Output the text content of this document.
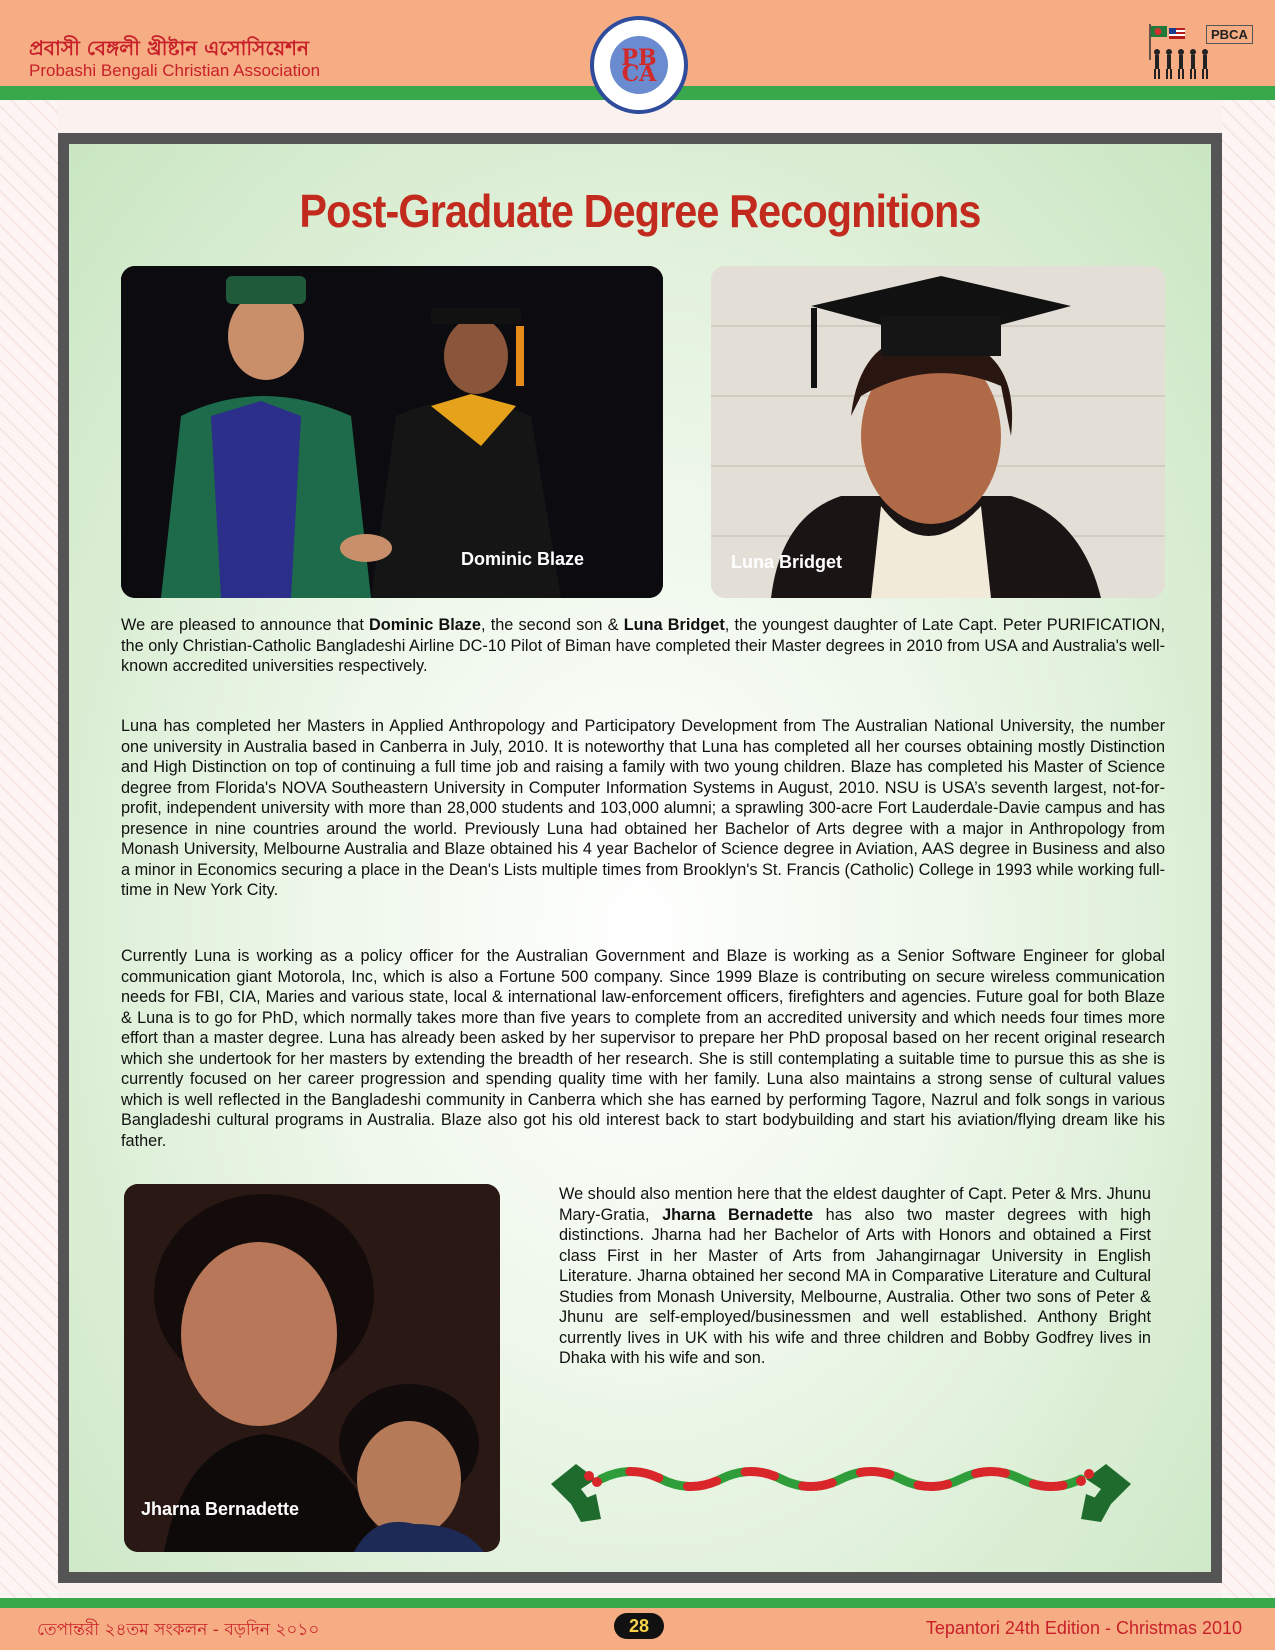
প্রবাসী বেঙ্গলী খ্রীষ্টান এসোসিয়েশন
Probashi Bengali Christian Association
PBCA
PB CA
Post-Graduate Degree Recognitions
Dominic Blaze	Luna Bridget

We are pleased to announce that Dominic Blaze, the second son & Luna Bridget, the youngest daughter of Late Capt. Peter PURIFICATION, the only Christian-Catholic Bangladeshi Airline DC-10 Pilot of Biman have completed their Master degrees in 2010 from USA and Australia's well-known accredited universities respectively.

Luna has completed her Masters in Applied Anthropology and Participatory Development from The Australian National University, the number one university in Australia based in Canberra in July, 2010. It is noteworthy that Luna has completed all her courses obtaining mostly Distinction and High Distinction on top of continuing a full time job and raising a family with two young children. Blaze has completed his Master of Science degree from Florida's NOVA Southeastern University in Computer Information Systems in August, 2010. NSU is USA’s seventh largest, not-for-profit, independent university with more than 28,000 students and 103,000 alumni; a sprawling 300-acre Fort Lauderdale-Davie campus and has presence in nine countries around the world. Previously Luna had obtained her Bachelor of Arts degree with a major in Anthropology from Monash University, Melbourne Australia and Blaze obtained his 4 year Bachelor of Science degree in Aviation, AAS degree in Business and also a minor in Economics securing a place in the Dean's Lists multiple times from Brooklyn's St. Francis (Catholic) College in 1993 while working full-time in New York City.

Currently Luna is working as a policy officer for the Australian Government and Blaze is working as a Senior Software Engineer for global communication giant Motorola, Inc, which is also a Fortune 500 company. Since 1999 Blaze is contributing on secure wireless communication needs for FBI, CIA, Maries and various state, local & international law-enforcement officers, firefighters and agencies. Future goal for both Blaze & Luna is to go for PhD, which normally takes more than five years to complete from an accredited university and which needs four times more effort than a master degree. Luna has already been asked by her supervisor to prepare her PhD proposal based on her recent original research which she undertook for her masters by extending the breadth of her research. She is still contemplating a suitable time to pursue this as she is currently focused on her career progression and spending quality time with her family. Luna also maintains a strong sense of cultural values which is well reflected in the Bangladeshi community in Canberra which she has earned by performing Tagore, Nazrul and folk songs in various Bangladeshi cultural programs in Australia. Blaze also got his old interest back to start bodybuilding and start his aviation/flying dream like his father.

Jharna Bernadette

We should also mention here that the eldest daughter of Capt. Peter & Mrs. Jhunu Mary-Gratia, Jharna Bernadette has also two master degrees with high distinctions. Jharna had her Bachelor of Arts with Honors and obtained a First class First in her Master of Arts from Jahangirnagar University in English Literature. Jharna obtained her second MA in Comparative Literature and Cultural Studies from Monash University, Melbourne, Australia. Other two sons of Peter & Jhunu are self-employed/businessmen and well established. Anthony Bright currently lives in UK with his wife and three children and Bobby Godfrey lives in Dhaka with his wife and son.

তেপান্তরী ২৪তম সংকলন - বড়দিন ২০১০	28	Tepantori 24th Edition - Christmas 2010
